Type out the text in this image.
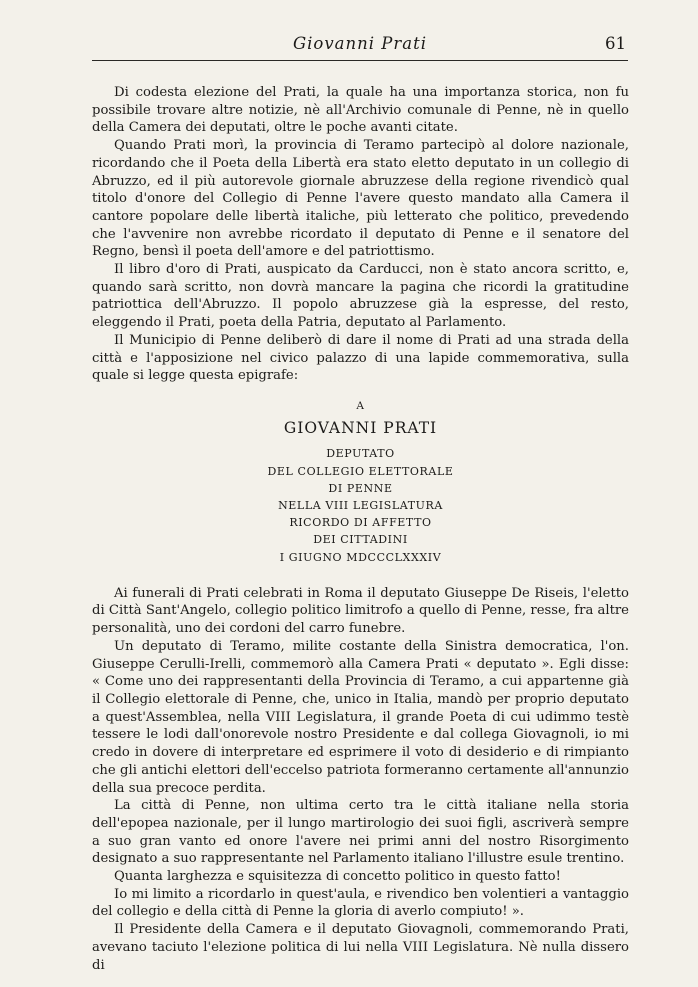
Giovanni Prati	61

Di codesta elezione del Prati, la quale ha una importanza storica, non fu possibile trovare altre notizie, nè all'Archivio comunale di Penne, nè in quello della Camera dei deputati, oltre le poche avanti citate.

Quando Prati morì, la provincia di Teramo partecipò al dolore nazionale, ricordando che il Poeta della Libertà era stato eletto deputato in un collegio di Abruzzo, ed il più autorevole giornale abruzzese della regione rivendicò qual titolo d'onore del Collegio di Penne l'avere questo mandato alla Camera il cantore popolare delle libertà italiche, più letterato che politico, prevedendo che l'avvenire non avrebbe ricordato il deputato di Penne e il senatore del Regno, bensì il poeta dell'amore e del patriottismo.

Il libro d'oro di Prati, auspicato da Carducci, non è stato ancora scritto, e, quando sarà scritto, non dovrà mancare la pagina che ricordi la gratitudine patriottica dell'Abruzzo. Il popolo abruzzese già la espresse, del resto, eleggendo il Prati, poeta della Patria, deputato al Parlamento.

Il Municipio di Penne deliberò di dare il nome di Prati ad una strada della città e l'apposizione nel civico palazzo di una lapide commemorativa, sulla quale si legge questa epigrafe:

A
GIOVANNI PRATI
DEPUTATO
DEL COLLEGIO ELETTORALE
DI PENNE
NELLA VIII LEGISLATURA
RICORDO DI AFFETTO
DEI CITTADINI
I GIUGNO MDCCCLXXXIV

Ai funerali di Prati celebrati in Roma il deputato Giuseppe De Riseis, l'eletto di Città Sant'Angelo, collegio politico limitrofo a quello di Penne, resse, fra altre personalità, uno dei cordoni del carro funebre.

Un deputato di Teramo, milite costante della Sinistra democratica, l'on. Giuseppe Cerulli-Irelli, commemorò alla Camera Prati « deputato ». Egli disse: « Come uno dei rappresentanti della Provincia di Teramo, a cui appartenne già il Collegio elettorale di Penne, che, unico in Italia, mandò per proprio deputato a quest'Assemblea, nella VIII Legislatura, il grande Poeta di cui udimmo testè tessere le lodi dall'onorevole nostro Presidente e dal collega Giovagnoli, io mi credo in dovere di interpretare ed esprimere il voto di desiderio e di rimpianto che gli antichi elettori dell'eccelso patriota formeranno certamente all'annunzio della sua precoce perdita.

La città di Penne, non ultima certo tra le città italiane nella storia dell'epopea nazionale, per il lungo martirologio dei suoi figli, ascriverà sempre a suo gran vanto ed onore l'avere nei primi anni del nostro Risorgimento designato a suo rappresentante nel Parlamento italiano l'illustre esule trentino.

Quanta larghezza e squisitezza di concetto politico in questo fatto!

Io mi limito a ricordarlo in quest'aula, e rivendico ben volentieri a vantaggio del collegio e della città di Penne la gloria di averlo compiuto! ».

Il Presidente della Camera e il deputato Giovagnoli, commemorando Prati, avevano taciuto l'elezione politica di lui nella VIII Legislatura. Nè nulla dissero di
